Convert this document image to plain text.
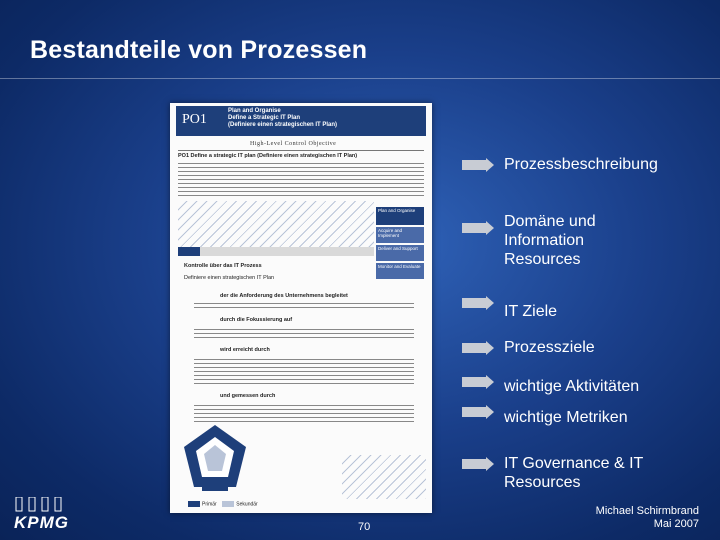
Bestandteile von Prozessen
PO1
Plan and Organise
Define a Strategic IT Plan
(Definiere einen strategischen IT Plan)
High-Level Control Objective
PO1 Define a strategic IT plan (Definiere einen strategischen IT Plan)
Plan and Organise
Acquire and Implement
Deliver and Support
Monitor and Evaluate
Kontrolle über das IT Prozess
Definiere einen strategischen IT Plan
der die Anforderung des Unternehmens begleitet
durch die Fokussierung auf
wird erreicht durch
und gemessen durch
Primär	Sekundär
Prozessbeschreibung
Domäne und Information Resources
IT Ziele
Prozessziele
wichtige Aktivitäten
wichtige Metriken
IT Governance & IT Resources
KPMG	70
Michael Schirmbrand
Mai 2007
